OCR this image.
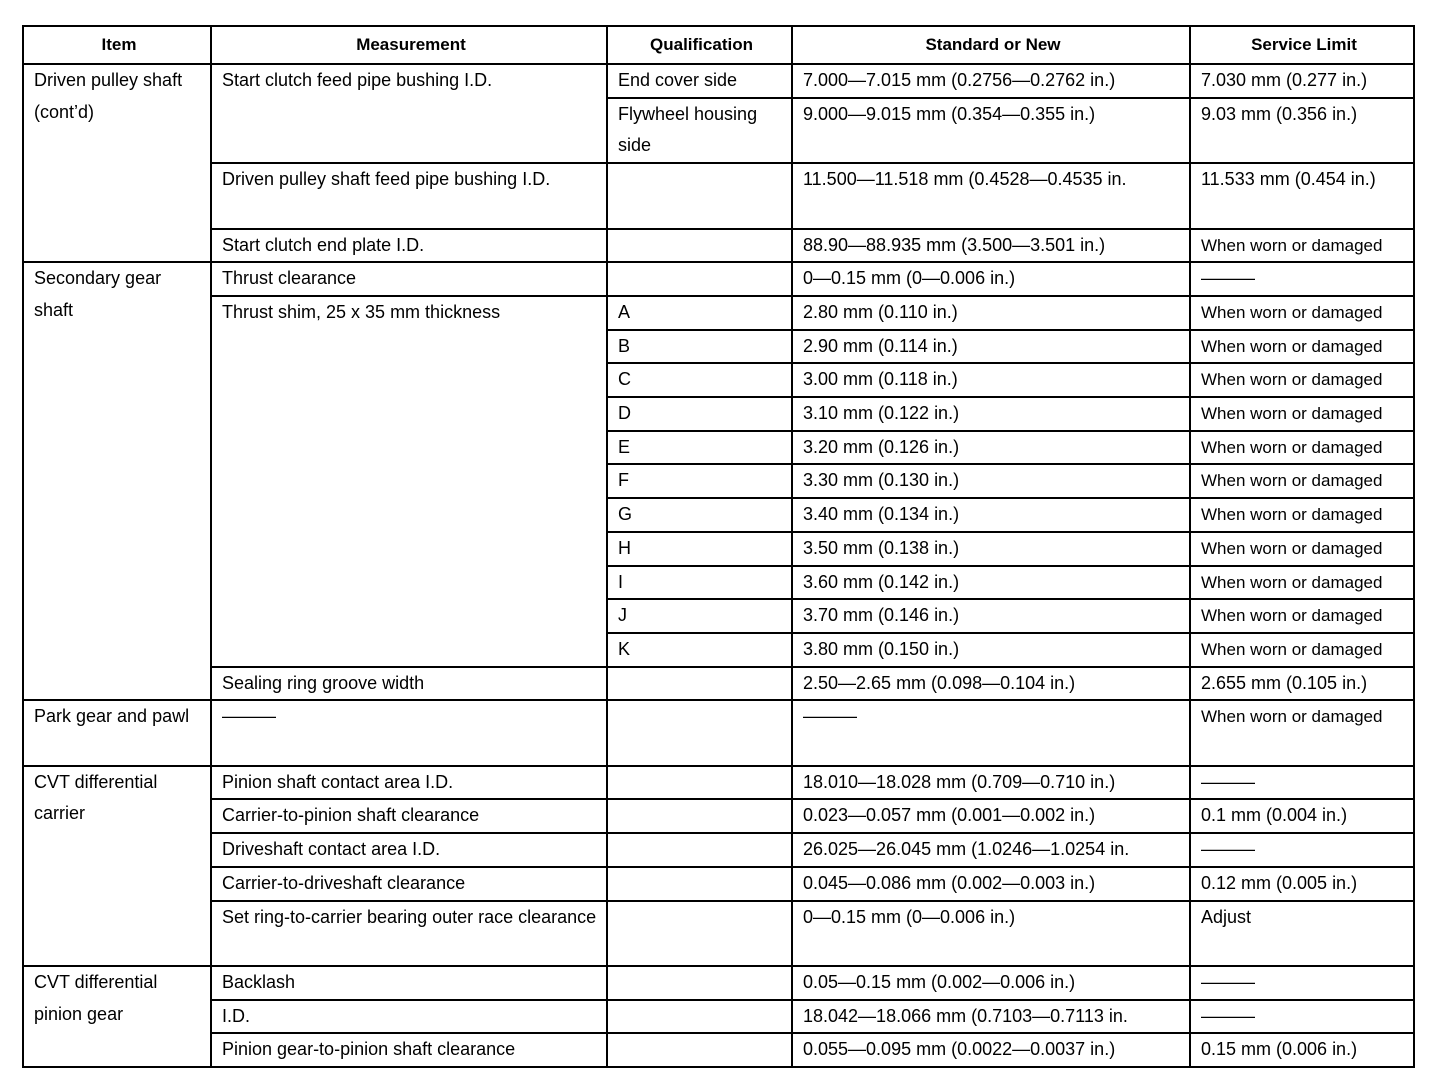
Item	Measurement	Qualification	Standard or New	Service Limit
Driven pulley shaft (cont’d)	Start clutch feed pipe bushing I.D.	End cover side	7.000—7.015 mm (0.2756—0.2762 in.)	7.030 mm (0.277 in.)
		Flywheel housing side	9.000—9.015 mm (0.354—0.355 in.)	9.03 mm (0.356 in.)
	Driven pulley shaft feed pipe bushing I.D.		11.500—11.518 mm (0.4528—0.4535 in.	11.533 mm (0.454 in.)
	Start clutch end plate I.D.		88.90—88.935 mm (3.500—3.501 in.)	When worn or damaged
Secondary gear shaft	Thrust clearance		0—0.15 mm (0—0.006 in.)	———
	Thrust shim, 25 x 35 mm thickness	A	2.80 mm (0.110 in.)	When worn or damaged
		B	2.90 mm (0.114 in.)	When worn or damaged
		C	3.00 mm (0.118 in.)	When worn or damaged
		D	3.10 mm (0.122 in.)	When worn or damaged
		E	3.20 mm (0.126 in.)	When worn or damaged
		F	3.30 mm (0.130 in.)	When worn or damaged
		G	3.40 mm (0.134 in.)	When worn or damaged
		H	3.50 mm (0.138 in.)	When worn or damaged
		I	3.60 mm (0.142 in.)	When worn or damaged
		J	3.70 mm (0.146 in.)	When worn or damaged
		K	3.80 mm (0.150 in.)	When worn or damaged
	Sealing ring groove width		2.50—2.65 mm (0.098—0.104 in.)	2.655 mm (0.105 in.)
Park gear and pawl	———		———	When worn or damaged
CVT differential carrier	Pinion shaft contact area I.D.		18.010—18.028 mm (0.709—0.710 in.)	———
	Carrier-to-pinion shaft clearance		0.023—0.057 mm (0.001—0.002 in.)	0.1 mm (0.004 in.)
	Driveshaft contact area I.D.		26.025—26.045 mm (1.0246—1.0254 in.	———
	Carrier-to-driveshaft clearance		0.045—0.086 mm (0.002—0.003 in.)	0.12 mm (0.005 in.)
	Set ring-to-carrier bearing outer race clearance		0—0.15 mm (0—0.006 in.)	Adjust
CVT differential pinion gear	Backlash		0.05—0.15 mm (0.002—0.006 in.)	———
	I.D.		18.042—18.066 mm (0.7103—0.7113 in.	———
	Pinion gear-to-pinion shaft clearance		0.055—0.095 mm (0.0022—0.0037 in.)	0.15 mm (0.006 in.)
